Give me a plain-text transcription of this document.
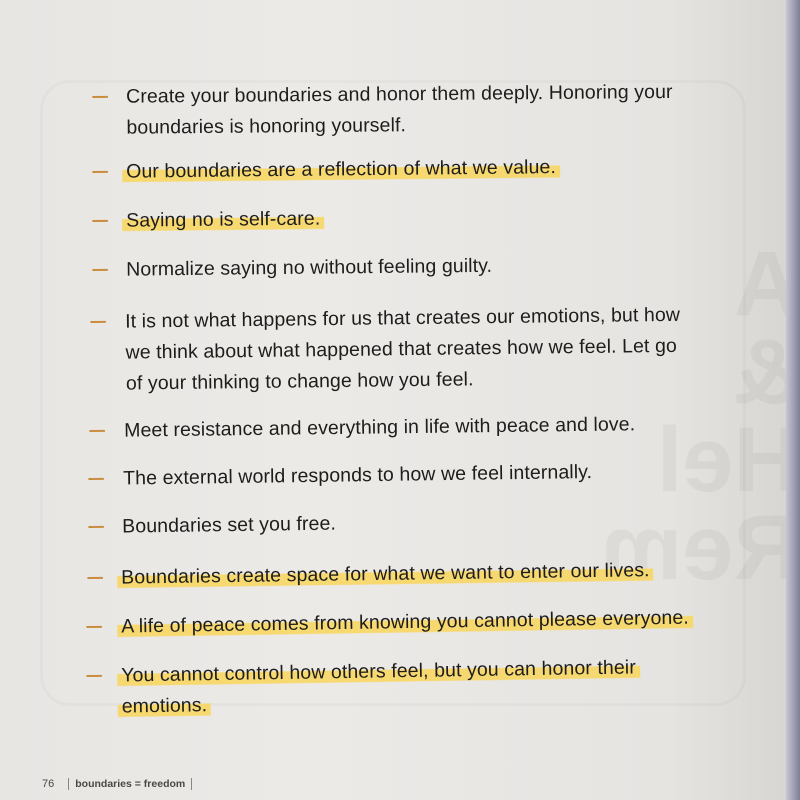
A
&
Hel
Rem
Create your boundaries and honor them deeply. Honoring your
boundaries is honoring yourself.
Our boundaries are a reflection of what we value.
Saying no is self-care.
Normalize saying no without feeling guilty.
It is not what happens for us that creates our emotions, but how
we think about what happened that creates how we feel. Let go
of your thinking to change how you feel.
Meet resistance and everything in life with peace and love.
The external world responds to how we feel internally.
Boundaries set you free.
Boundaries create space for what we want to enter our lives.
A life of peace comes from knowing you cannot please everyone.
You cannot control how others feel, but you can honor their
emotions.
76 boundaries = freedom
